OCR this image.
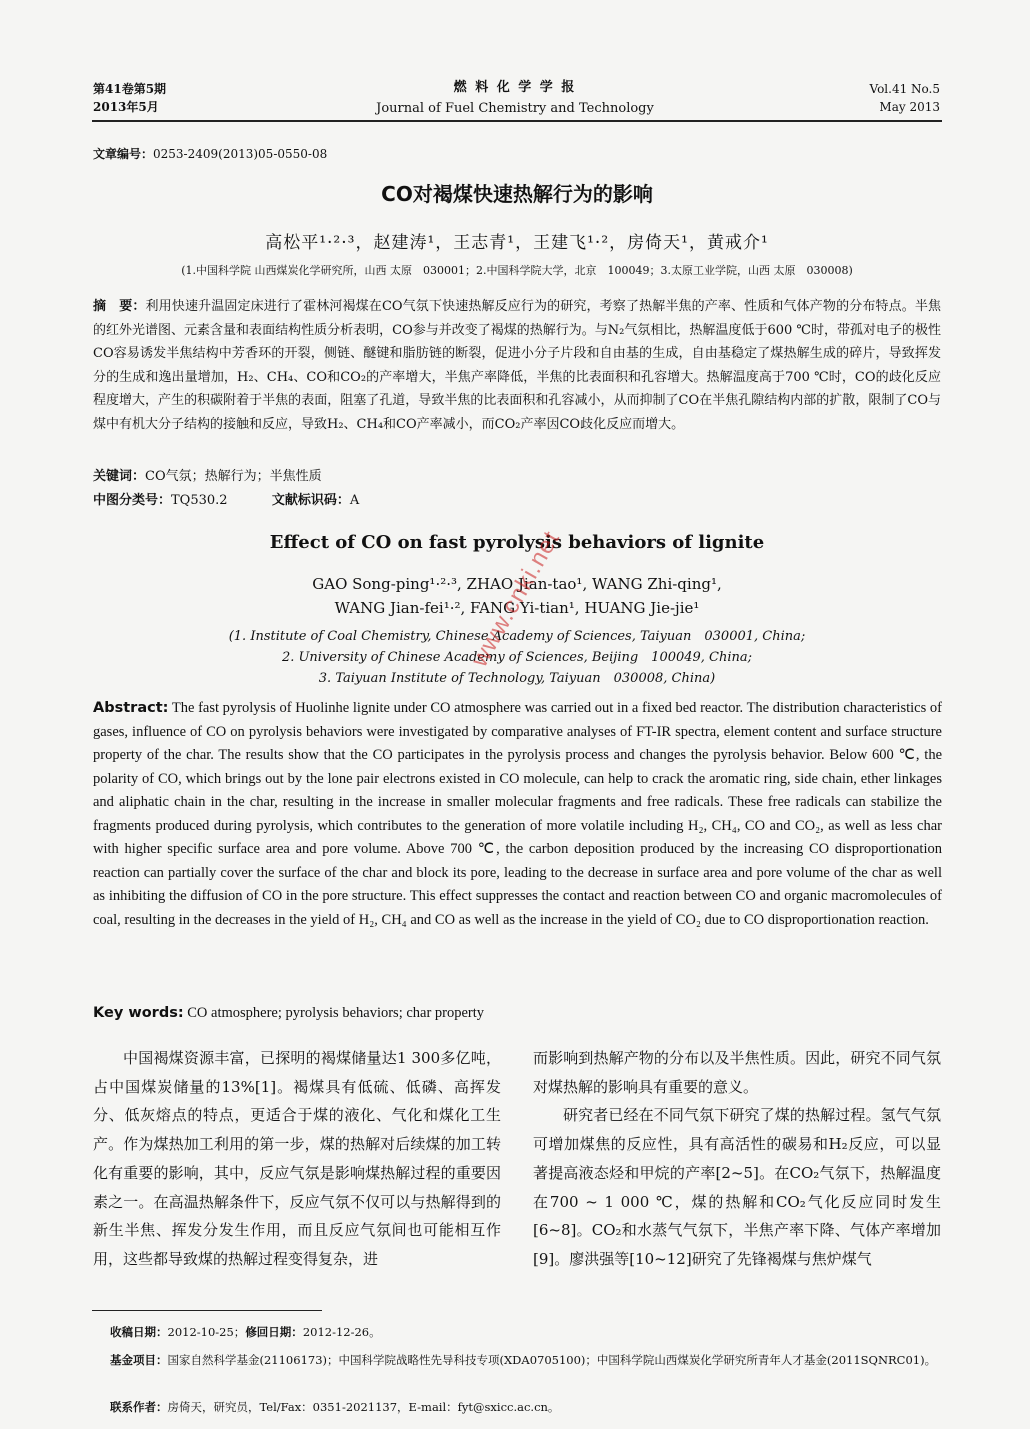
第41卷第5期
2013年5月
燃 料 化 学 学 报
Journal of Fuel Chemistry and Technology
Vol.41 No.5
May 2013
文章编号：0253-2409(2013)05-0550-08
CO对褐煤快速热解行为的影响
高松平¹·²·³，赵建涛¹，王志青¹，王建飞¹·²，房倚天¹，黄戒介¹
(1.中国科学院 山西煤炭化学研究所，山西 太原　030001；2.中国科学院大学，北京　100049；3.太原工业学院，山西 太原　030008)
摘　要：利用快速升温固定床进行了霍林河褐煤在CO气氛下快速热解反应行为的研究，考察了热解半焦的产率、性质和气体产物的分布特点。半焦的红外光谱图、元素含量和表面结构性质分析表明，CO参与并改变了褐煤的热解行为。与N₂气氛相比，热解温度低于600 ℃时，带孤对电子的极性CO容易诱发半焦结构中芳香环的开裂，侧链、醚键和脂肪链的断裂，促进小分子片段和自由基的生成，自由基稳定了煤热解生成的碎片，导致挥发分的生成和逸出量增加，H₂、CH₄、CO和CO₂的产率增大，半焦产率降低，半焦的比表面积和孔容增大。热解温度高于700 ℃时，CO的歧化反应程度增大，产生的积碳附着于半焦的表面，阻塞了孔道，导致半焦的比表面积和孔容减小，从而抑制了CO在半焦孔隙结构内部的扩散，限制了CO与煤中有机大分子结构的接触和反应，导致H₂、CH₄和CO产率减小，而CO₂产率因CO歧化反应而增大。
关键词：CO气氛；热解行为；半焦性质
中图分类号：TQ530.2	文献标识码：A
Effect of CO on fast pyrolysis behaviors of lignite
GAO Song-ping¹·²·³, ZHAO Jian-tao¹, WANG Zhi-qing¹,
WANG Jian-fei¹·², FANG Yi-tian¹, HUANG Jie-jie¹
(1. Institute of Coal Chemistry, Chinese Academy of Sciences, Taiyuan　030001, China;
2. University of Chinese Academy of Sciences, Beijing　100049, China;
3. Taiyuan Institute of Technology, Taiyuan　030008, China)
Abstract: The fast pyrolysis of Huolinhe lignite under CO atmosphere was carried out in a fixed bed reactor. The distribution characteristics of gases, influence of CO on pyrolysis behaviors were investigated by comparative analyses of FT-IR spectra, element content and surface structure property of the char. The results show that the CO participates in the pyrolysis process and changes the pyrolysis behavior. Below 600 ℃, the polarity of CO, which brings out by the lone pair electrons existed in CO molecule, can help to crack the aromatic ring, side chain, ether linkages and aliphatic chain in the char, resulting in the increase in smaller molecular fragments and free radicals. These free radicals can stabilize the fragments produced during pyrolysis, which contributes to the generation of more volatile including H₂, CH₄, CO and CO₂, as well as less char with higher specific surface area and pore volume. Above 700 ℃, the carbon deposition produced by the increasing CO disproportionation reaction can partially cover the surface of the char and block its pore, leading to the decrease in surface area and pore volume of the char as well as inhibiting the diffusion of CO in the pore structure. This effect suppresses the contact and reaction between CO and organic macromolecules of coal, resulting in the decreases in the yield of H₂, CH₄ and CO as well as the increase in the yield of CO₂ due to CO disproportionation reaction.
Key words: CO atmosphere; pyrolysis behaviors; char property
www.cnki.net
中国褐煤资源丰富，已探明的褐煤储量达1 300多亿吨，占中国煤炭储量的13%[1]。褐煤具有低硫、低磷、高挥发分、低灰熔点的特点，更适合于煤的液化、气化和煤化工生产。作为煤热加工利用的第一步，煤的热解对后续煤的加工转化有重要的影响，其中，反应气氛是影响煤热解过程的重要因素之一。在高温热解条件下，反应气氛不仅可以与热解得到的新生半焦、挥发分发生作用，而且反应气氛间也可能相互作用，这些都导致煤的热解过程变得复杂，进
而影响到热解产物的分布以及半焦性质。因此，研究不同气氛对煤热解的影响具有重要的意义。
研究者已经在不同气氛下研究了煤的热解过程。氢气气氛可增加煤焦的反应性，具有高活性的碳易和H₂反应，可以显著提高液态烃和甲烷的产率[2~5]。在CO₂气氛下，热解温度在700 ~ 1 000 ℃，煤的热解和CO₂气化反应同时发生[6~8]。CO₂和水蒸气气氛下，半焦产率下降、气体产率增加[9]。廖洪强等[10~12]研究了先锋褐煤与焦炉煤气
收稿日期：2012-10-25；修回日期：2012-12-26。
基金项目：国家自然科学基金(21106173)；中国科学院战略性先导科技专项(XDA0705100)；中国科学院山西煤炭化学研究所青年人才基金(2011SQNRC01)。
联系作者：房倚天，研究员，Tel/Fax：0351-2021137，E-mail：fyt@sxicc.ac.cn。
